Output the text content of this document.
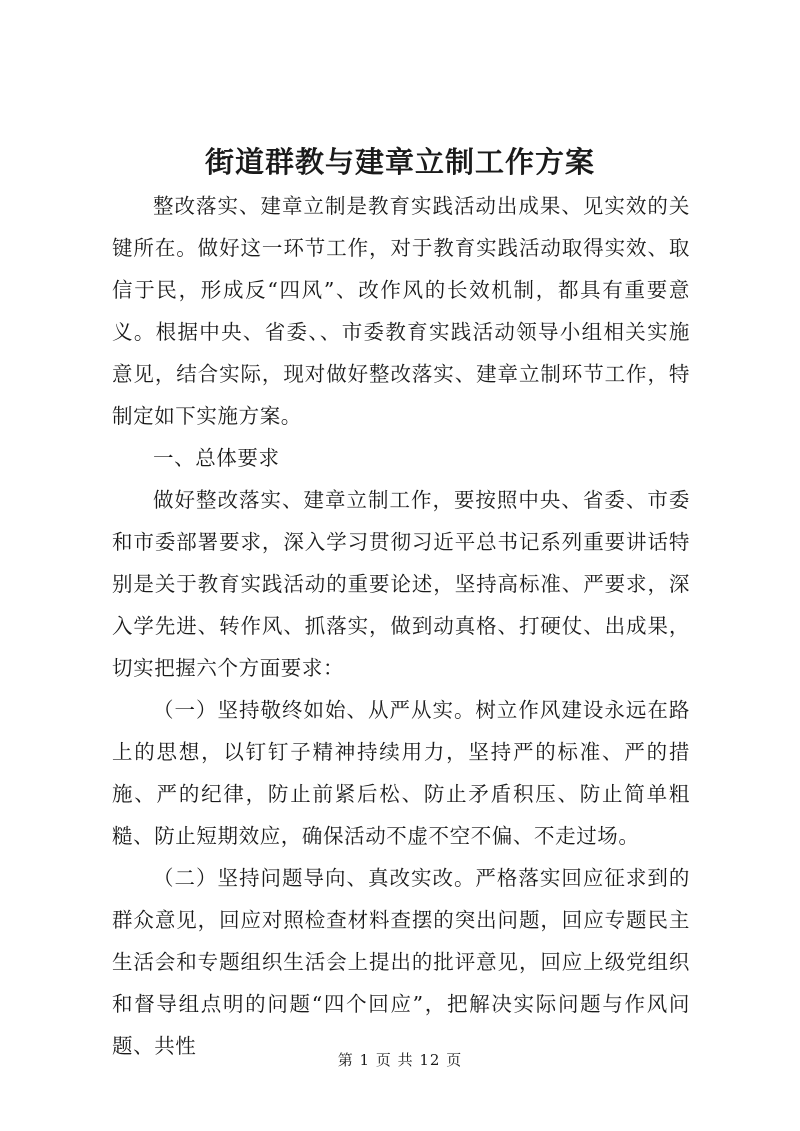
街道群教与建章立制工作方案

整改落实、建章立制是教育实践活动出成果、见实效的关键所在。做好这一环节工作，对于教育实践活动取得实效、取信于民，形成反“四风”、改作风的长效机制，都具有重要意义。根据中央、省委、、市委教育实践活动领导小组相关实施意见，结合实际，现对做好整改落实、建章立制环节工作，特制定如下实施方案。

一、总体要求

做好整改落实、建章立制工作，要按照中央、省委、市委和市委部署要求，深入学习贯彻习近平总书记系列重要讲话特别是关于教育实践活动的重要论述，坚持高标准、严要求，深入学先进、转作风、抓落实，做到动真格、打硬仗、出成果，切实把握六个方面要求：

（一）坚持敬终如始、从严从实。树立作风建设永远在路上的思想，以钉钉子精神持续用力，坚持严的标准、严的措施、严的纪律，防止前紧后松、防止矛盾积压、防止简单粗糙、防止短期效应，确保活动不虚不空不偏、不走过场。

（二）坚持问题导向、真改实改。严格落实回应征求到的群众意见，回应对照检查材料查摆的突出问题，回应专题民主生活会和专题组织生活会上提出的批评意见，回应上级党组织和督导组点明的问题“四个回应”，把解决实际问题与作风问题、共性

第 1 页 共 12 页
